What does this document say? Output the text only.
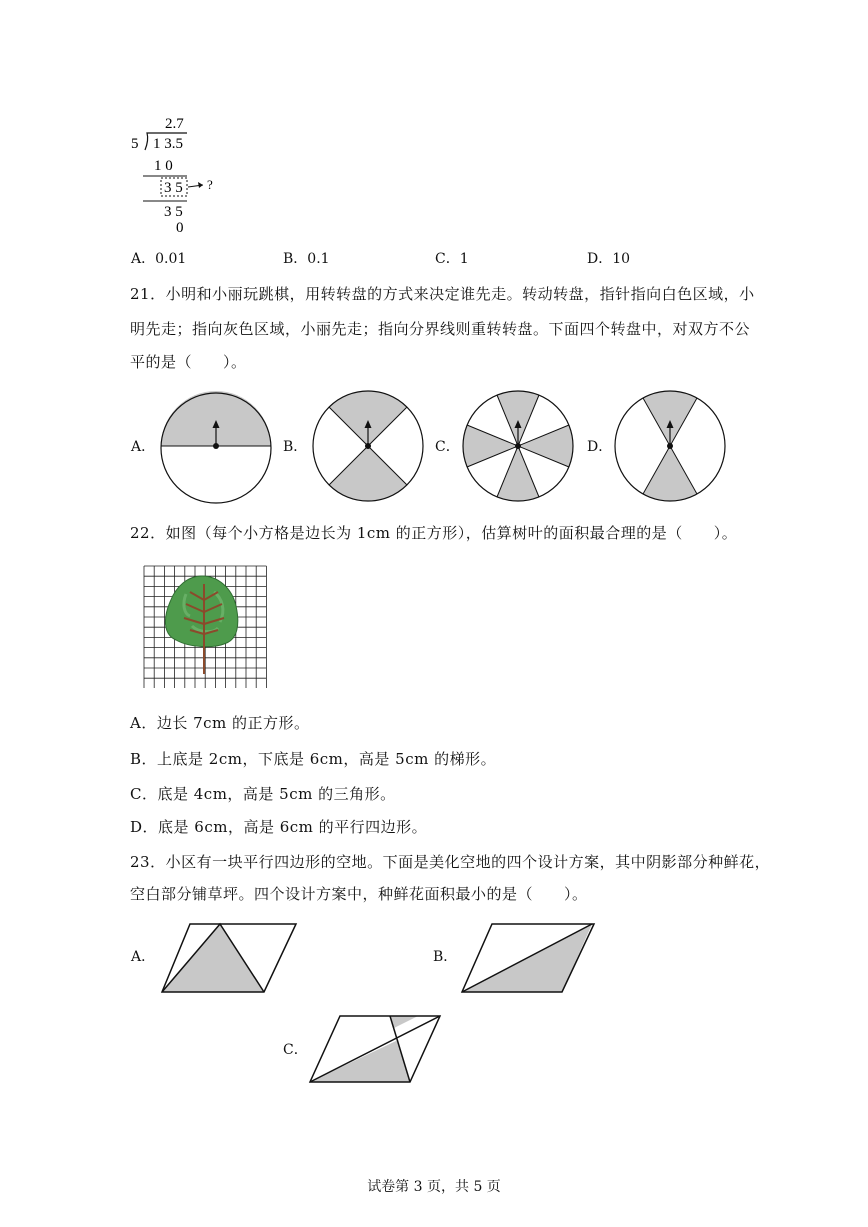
2.7
5 1 3.5
1 0
3 5 ?
3 5
0
A．0.01	B．0.1	C．1	D．10
21．小明和小丽玩跳棋，用转转盘的方式来决定谁先走。转动转盘，指针指向白色区域，小
明先走；指向灰色区域，小丽先走；指向分界线则重转转盘。下面四个转盘中，对双方不公
平的是（　　）。
A．	B．	C．	D．
22．如图（每个小方格是边长为 1cm 的正方形），估算树叶的面积最合理的是（　　）。
A．边长 7cm 的正方形。
B．上底是 2cm，下底是 6cm，高是 5cm 的梯形。
C．底是 4cm，高是 5cm 的三角形。
D．底是 6cm，高是 6cm 的平行四边形。
23．小区有一块平行四边形的空地。下面是美化空地的四个设计方案，其中阴影部分种鲜花，
空白部分铺草坪。四个设计方案中，种鲜花面积最小的是（　　）。
A．	B．
C．
试卷第 3 页，共 5 页
